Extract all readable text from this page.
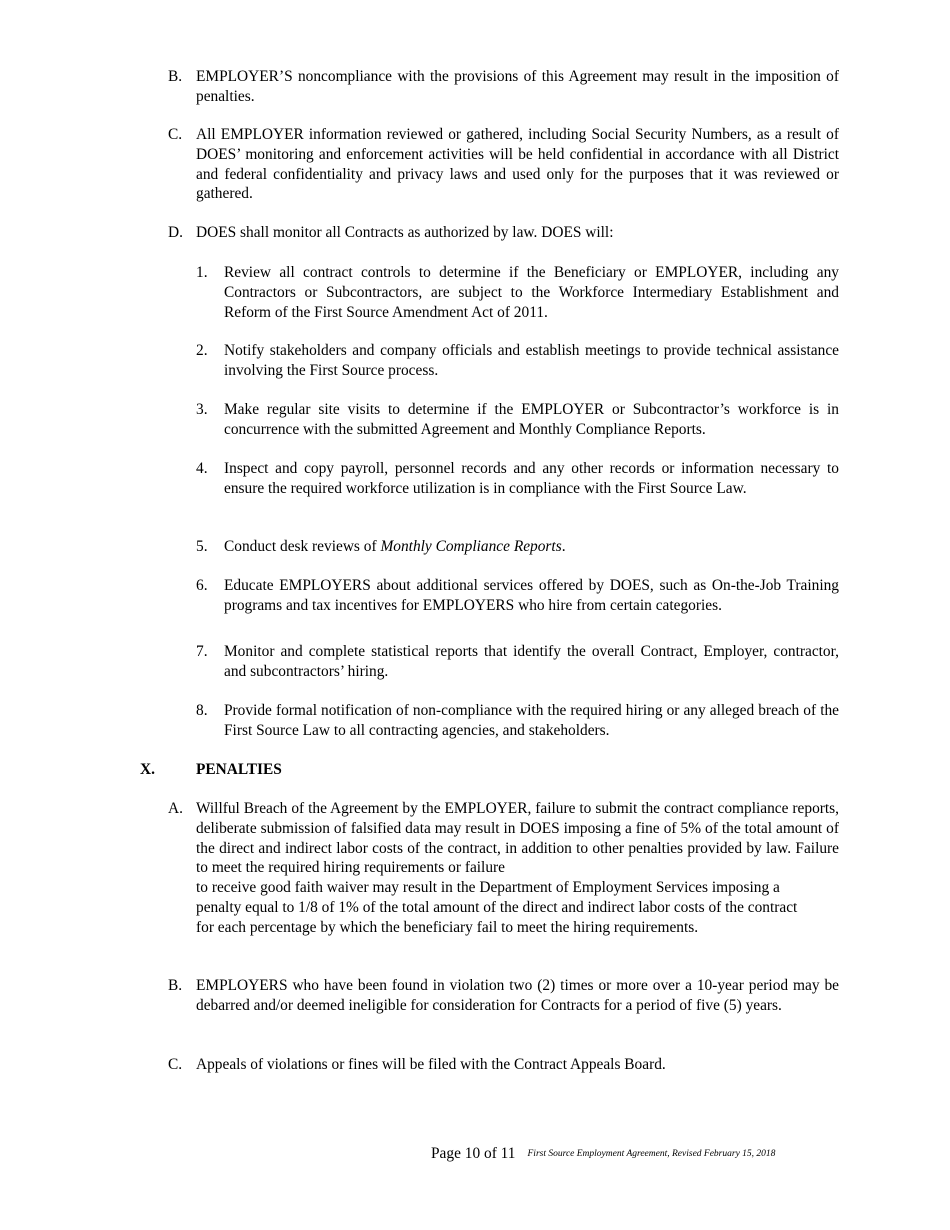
B. EMPLOYER’S noncompliance with the provisions of this Agreement may result in the imposition of penalties.
C. All EMPLOYER information reviewed or gathered, including Social Security Numbers, as a result of DOES’ monitoring and enforcement activities will be held confidential in accordance with all District and federal confidentiality and privacy laws and used only for the purposes that it was reviewed or gathered.
D. DOES shall monitor all Contracts as authorized by law. DOES will:
1. Review all contract controls to determine if the Beneficiary or EMPLOYER, including any Contractors or Subcontractors, are subject to the Workforce Intermediary Establishment and Reform of the First Source Amendment Act of 2011.
2. Notify stakeholders and company officials and establish meetings to provide technical assistance involving the First Source process.
3. Make regular site visits to determine if the EMPLOYER or Subcontractor’s workforce is in concurrence with the submitted Agreement and Monthly Compliance Reports.
4. Inspect and copy payroll, personnel records and any other records or information necessary to ensure the required workforce utilization is in compliance with the First Source Law.
5. Conduct desk reviews of Monthly Compliance Reports.
6. Educate EMPLOYERS about additional services offered by DOES, such as On-the-Job Training programs and tax incentives for EMPLOYERS who hire from certain categories.
7. Monitor and complete statistical reports that identify the overall Contract, Employer, contractor, and subcontractors’ hiring.
8. Provide formal notification of non-compliance with the required hiring or any alleged breach of the First Source Law to all contracting agencies, and stakeholders.
X.	PENALTIES
A. Willful Breach of the Agreement by the EMPLOYER, failure to submit the contract compliance reports, deliberate submission of falsified data may result in DOES imposing a fine of 5% of the total amount of the direct and indirect labor costs of the contract, in addition to other penalties provided by law. Failure to meet the required hiring requirements or failure
to receive good faith waiver may result in the Department of Employment Services imposing a penalty equal to 1/8 of 1% of the total amount of the direct and indirect labor costs of the contract for each percentage by which the beneficiary fail to meet the hiring requirements.
B. EMPLOYERS who have been found in violation two (2) times or more over a 10-year period may be debarred and/or deemed ineligible for consideration for Contracts for a period of five (5) years.
C. Appeals of violations or fines will be filed with the Contract Appeals Board.
Page 10 of 11 First Source Employment Agreement, Revised February 15, 2018
